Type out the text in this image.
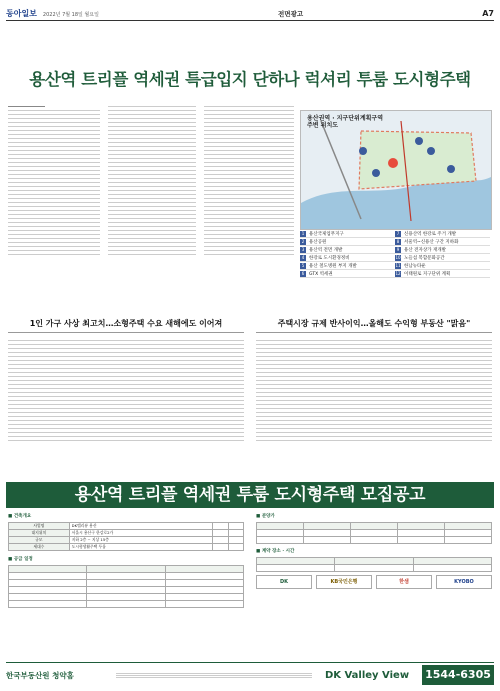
동아일보 2022년 7월 18일 월요일	전면광고	A7
용산역 트리플 역세권 특급입지 단하나 럭셔리 투룸 도시형주택
용산권역 · 지구단위계획구역
주변 위치도
1	용산국제업무지구	7	신용산역 한강로 주거 개발
2	용산공원	8	서울역~신용산 구간 지하화
3	용산역 전면 개발	9	용산 전자상가 재개발
4	한강로 도시환경정비	10 노들섬 복합문화공간
5	용산 철도병원 부지 개발	11 한남뉴타운
6	GTX 역세권	12 이태원로 지구단위 계획
1인 가구 사상 최고치…소형주택 수요 새해에도 이어져	주택시장 규제 반사이익…올해도 수익형 부동산 "맑음"
용산역 트리플 역세권 투룸 도시형주택 모집공고
■ 건축개요
사업명	DK밸리뷰 용산		
대지위치	서울시 용산구 한강로2가		
규모	지하 2층 ~ 지상 15층		
세대수	도시형생활주택 투룸		
■ 공급 일정

■ 분양가

■ 계약 장소 · 시간

DK	KB국민은행	한샘	KYOBO
한국부동산원 청약홈	DK Valley View	1544-6305
